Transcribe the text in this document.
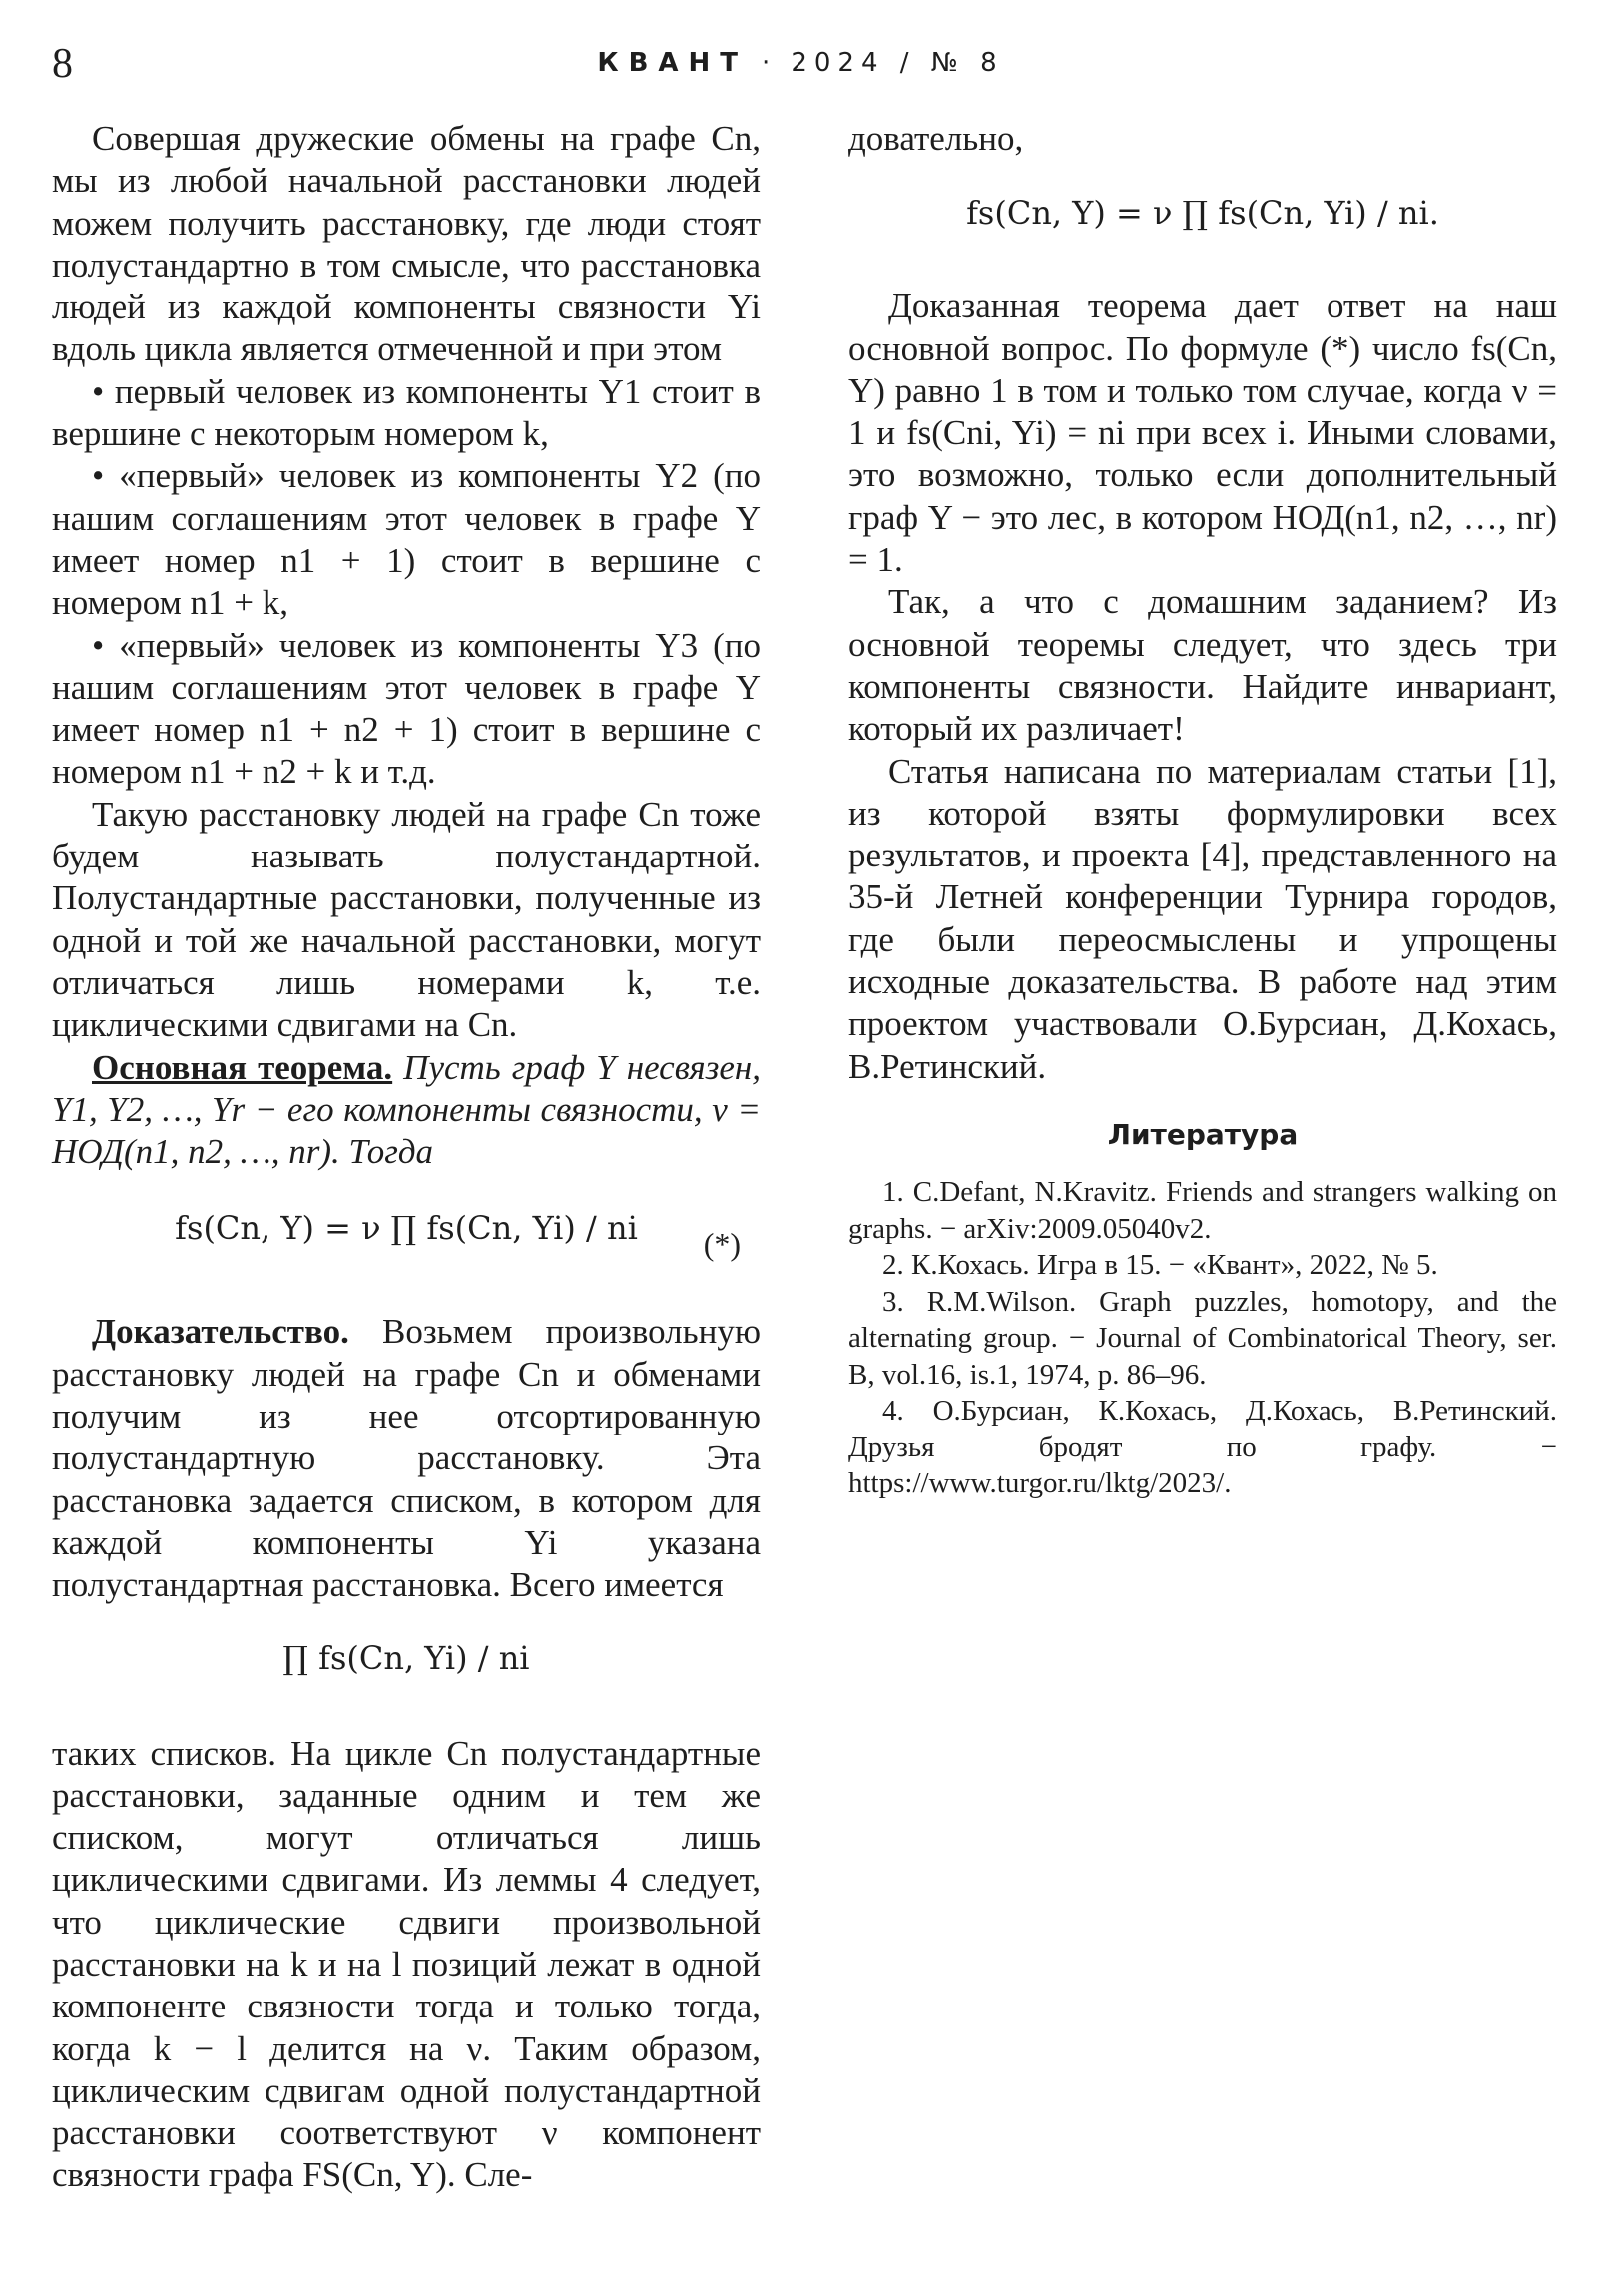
8	КВАНТ · 2024 / № 8

Совершая дружеские обмены на графе Cn, мы из любой начальной расстановки людей можем получить расстановку, где люди стоят полустандартно в том смысле, что расстановка людей из каждой компоненты связности Yi вдоль цикла является отмеченной и при этом

• первый человек из компоненты Y1 стоит в вершине с некоторым номером k,

• «первый» человек из компоненты Y2 (по нашим соглашениям этот человек в графе Y имеет номер n1 + 1) стоит в вершине с номером n1 + k,

• «первый» человек из компоненты Y3 (по нашим соглашениям этот человек в графе Y имеет номер n1 + n2 + 1) стоит в вершине с номером n1 + n2 + k и т.д.

Такую расстановку людей на графе Cn тоже будем называть полустандартной. Полустандартные расстановки, полученные из одной и той же начальной расстановки, могут отличаться лишь номерами k, т.е. циклическими сдвигами на Cn.

Основная теорема. Пусть граф Y несвязен, Y1, Y2, …, Yr − его компоненты связности, ν = НОД(n1, n2, …, nr). Тогда

fs(Cn, Y) = ν ∏ fs(Cn, Yi) / ni	(*)

Доказательство. Возьмем произвольную расстановку людей на графе Cn и обменами получим из нее отсортированную полустандартную расстановку. Эта расстановка задается списком, в котором для каждой компоненты Yi указана полустандартная расстановка. Всего имеется

∏ fs(Cn, Yi) / ni

таких списков. На цикле Cn полустандартные расстановки, заданные одним и тем же списком, могут отличаться лишь циклическими сдвигами. Из леммы 4 следует, что циклические сдвиги произвольной расстановки на k и на l позиций лежат в одной компоненте связности тогда и только тогда, когда k − l делится на ν. Таким образом, циклическим сдвигам одной полустандартной расстановки соответствуют ν компонент связности графа FS(Cn, Y). Сле-

довательно,

fs(Cn, Y) = ν ∏ fs(Cn, Yi) / ni.

Доказанная теорема дает ответ на наш основной вопрос. По формуле (*) число fs(Cn, Y) равно 1 в том и только том случае, когда ν = 1 и fs(Cni, Yi) = ni при всех i. Иными словами, это возможно, только если дополнительный граф Y − это лес, в котором НОД(n1, n2, …, nr) = 1.

Так, а что с домашним заданием? Из основной теоремы следует, что здесь три компоненты связности. Найдите инвариант, который их различает!

Статья написана по материалам статьи [1], из которой взяты формулировки всех результатов, и проекта [4], представленного на 35-й Летней конференции Турнира городов, где были переосмыслены и упрощены исходные доказательства. В работе над этим проектом участвовали О.Бурсиан, Д.Кохась, В.Ретинский.

Литература

1. C.Defant, N.Kravitz. Friends and strangers walking on graphs. − arXiv:2009.05040v2.

2. К.Кохась. Игра в 15. − «Квант», 2022, № 5.

3. R.M.Wilson. Graph puzzles, homotopy, and the alternating group. − Journal of Combinatorical Theory, ser. B, vol.16, is.1, 1974, p. 86–96.

4. О.Бурсиан, К.Кохась, Д.Кохась, В.Ретинский. Друзья бродят по графу. − https://www.turgor.ru/lktg/2023/.
